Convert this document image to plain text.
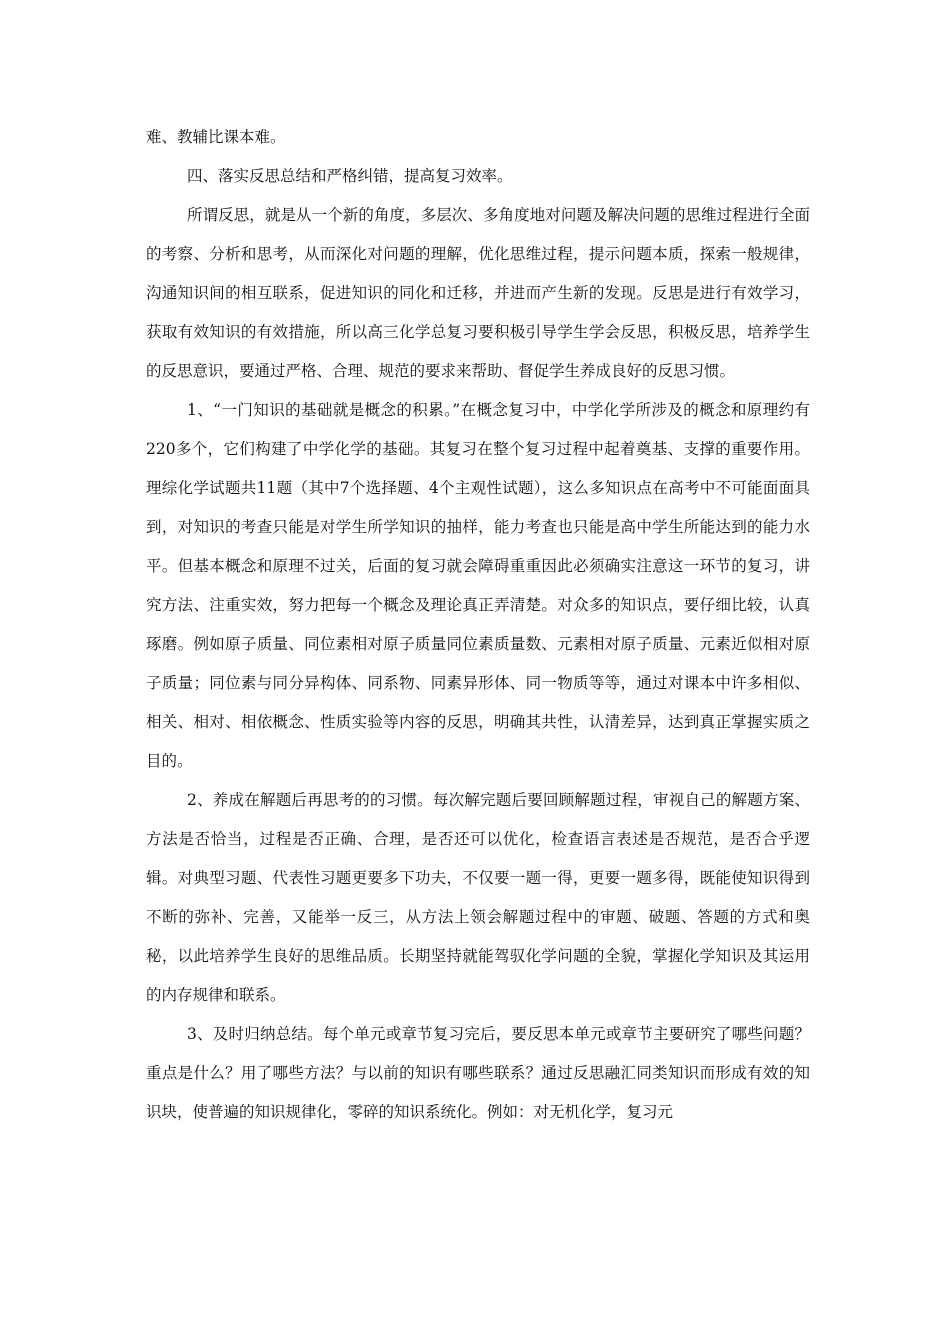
难、教辅比课本难。

四、落实反思总结和严格纠错，提高复习效率。

所谓反思，就是从一个新的角度，多层次、多角度地对问题及解决问题的思维过程进行全面的考察、分析和思考，从而深化对问题的理解，优化思维过程，提示问题本质，探索一般规律，沟通知识间的相互联系，促进知识的同化和迁移，并进而产生新的发现。反思是进行有效学习，获取有效知识的有效措施，所以高三化学总复习要积极引导学生学会反思，积极反思，培养学生的反思意识，要通过严格、合理、规范的要求来帮助、督促学生养成良好的反思习惯。

1、“一门知识的基础就是概念的积累。”在概念复习中，中学化学所涉及的概念和原理约有220多个，它们构建了中学化学的基础。其复习在整个复习过程中起着奠基、支撑的重要作用。理综化学试题共11题（其中7个选择题、4个主观性试题），这么多知识点在高考中不可能面面具到，对知识的考查只能是对学生所学知识的抽样，能力考查也只能是高中学生所能达到的能力水平。但基本概念和原理不过关，后面的复习就会障碍重重因此必须确实注意这一环节的复习，讲究方法、注重实效，努力把每一个概念及理论真正弄清楚。对众多的知识点，要仔细比较，认真琢磨。例如原子质量、同位素相对原子质量同位素质量数、元素相对原子质量、元素近似相对原子质量；同位素与同分异构体、同系物、同素异形体、同一物质等等，通过对课本中许多相似、相关、相对、相依概念、性质实验等内容的反思，明确其共性，认清差异，达到真正掌握实质之目的。

2、养成在解题后再思考的的习惯。每次解完题后要回顾解题过程，审视自己的解题方案、方法是否恰当，过程是否正确、合理，是否还可以优化，检查语言表述是否规范，是否合乎逻辑。对典型习题、代表性习题更要多下功夫，不仅要一题一得，更要一题多得，既能使知识得到不断的弥补、完善，又能举一反三，从方法上领会解题过程中的审题、破题、答题的方式和奥秘，以此培养学生良好的思维品质。长期坚持就能驾驭化学问题的全貌，掌握化学知识及其运用的内存规律和联系。

3、及时归纳总结。每个单元或章节复习完后，要反思本单元或章节主要研究了哪些问题？重点是什么？用了哪些方法？与以前的知识有哪些联系？通过反思融汇同类知识而形成有效的知识块，使普遍的知识规律化，零碎的知识系统化。例如：对无机化学，复习元
